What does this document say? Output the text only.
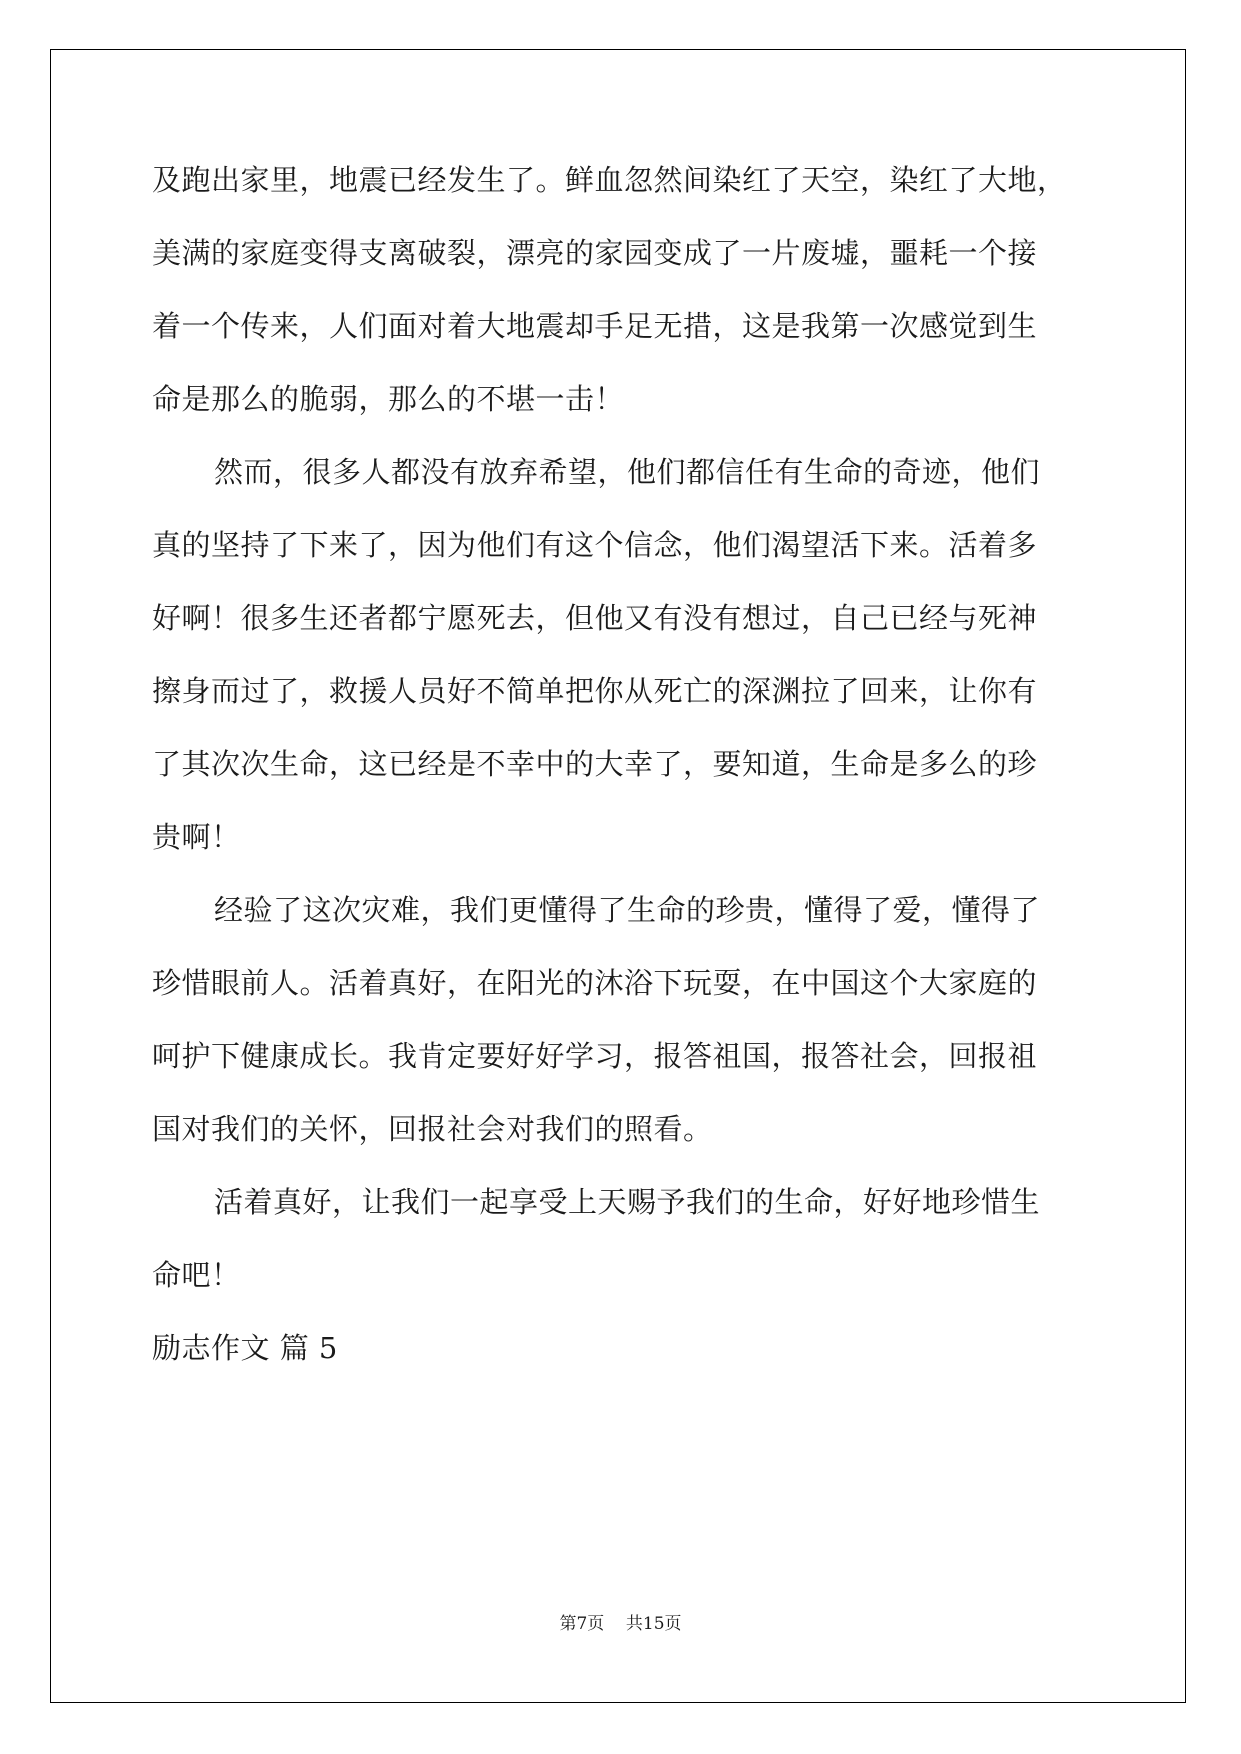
及跑出家里，地震已经发生了。鲜血忽然间染红了天空，染红了大地，
美满的家庭变得支离破裂，漂亮的家园变成了一片废墟，噩耗一个接
着一个传来，人们面对着大地震却手足无措，这是我第一次感觉到生
命是那么的脆弱，那么的不堪一击！
然而，很多人都没有放弃希望，他们都信任有生命的奇迹，他们
真的坚持了下来了，因为他们有这个信念，他们渴望活下来。活着多
好啊！很多生还者都宁愿死去，但他又有没有想过，自己已经与死神
擦身而过了，救援人员好不简单把你从死亡的深渊拉了回来，让你有
了其次次生命，这已经是不幸中的大幸了，要知道，生命是多么的珍
贵啊！
经验了这次灾难，我们更懂得了生命的珍贵，懂得了爱，懂得了
珍惜眼前人。活着真好，在阳光的沐浴下玩耍，在中国这个大家庭的
呵护下健康成长。我肯定要好好学习，报答祖国，报答社会，回报祖
国对我们的关怀，回报社会对我们的照看。
活着真好，让我们一起享受上天赐予我们的生命，好好地珍惜生
命吧！
励志作文 篇 5
第7页    共15页
